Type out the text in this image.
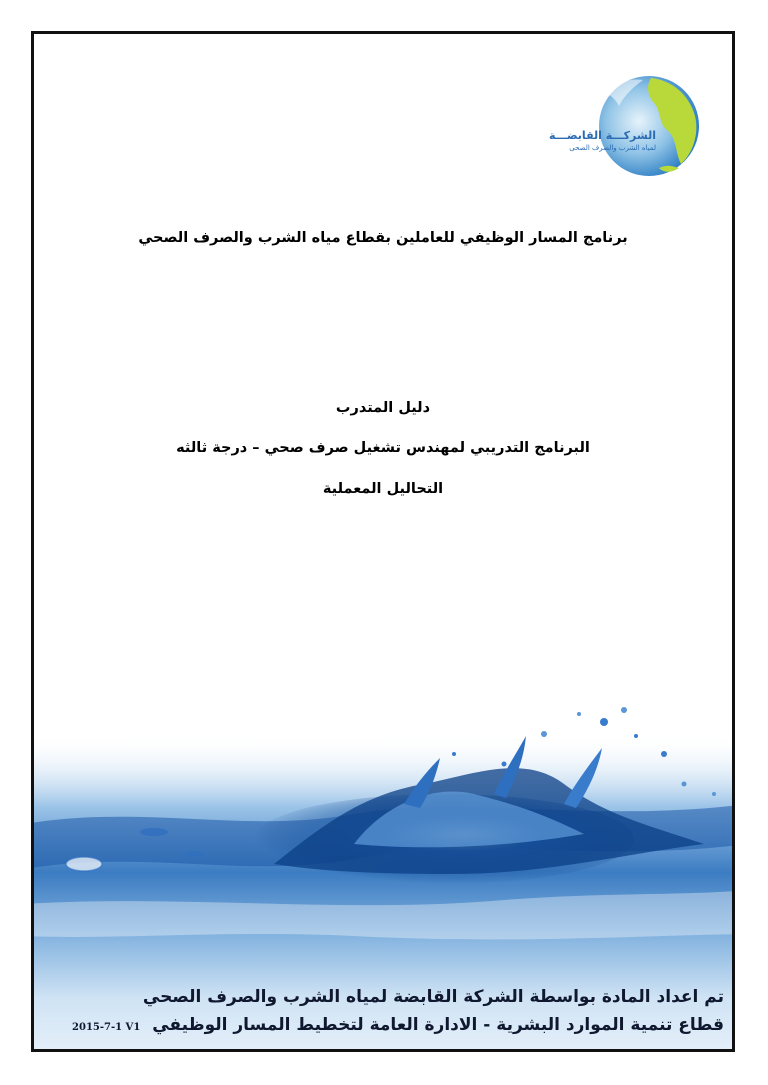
الشركـــة القابضـــة
لمياه الشرب والصرف الصحى
برنامج المسار الوظيفي للعاملين بقطاع مياه الشرب والصرف الصحي
دليل المتدرب
البرنامج التدريبي لمهندس تشغيل صرف صحي – درجة ثالثه
التحاليل المعملية
تم اعداد المادة بواسطة الشركة القابضة لمياه الشرب والصرف الصحي
قطاع تنمية الموارد البشرية - الادارة العامة لتخطيط المسار الوظيفي 2015-7-1 V1
